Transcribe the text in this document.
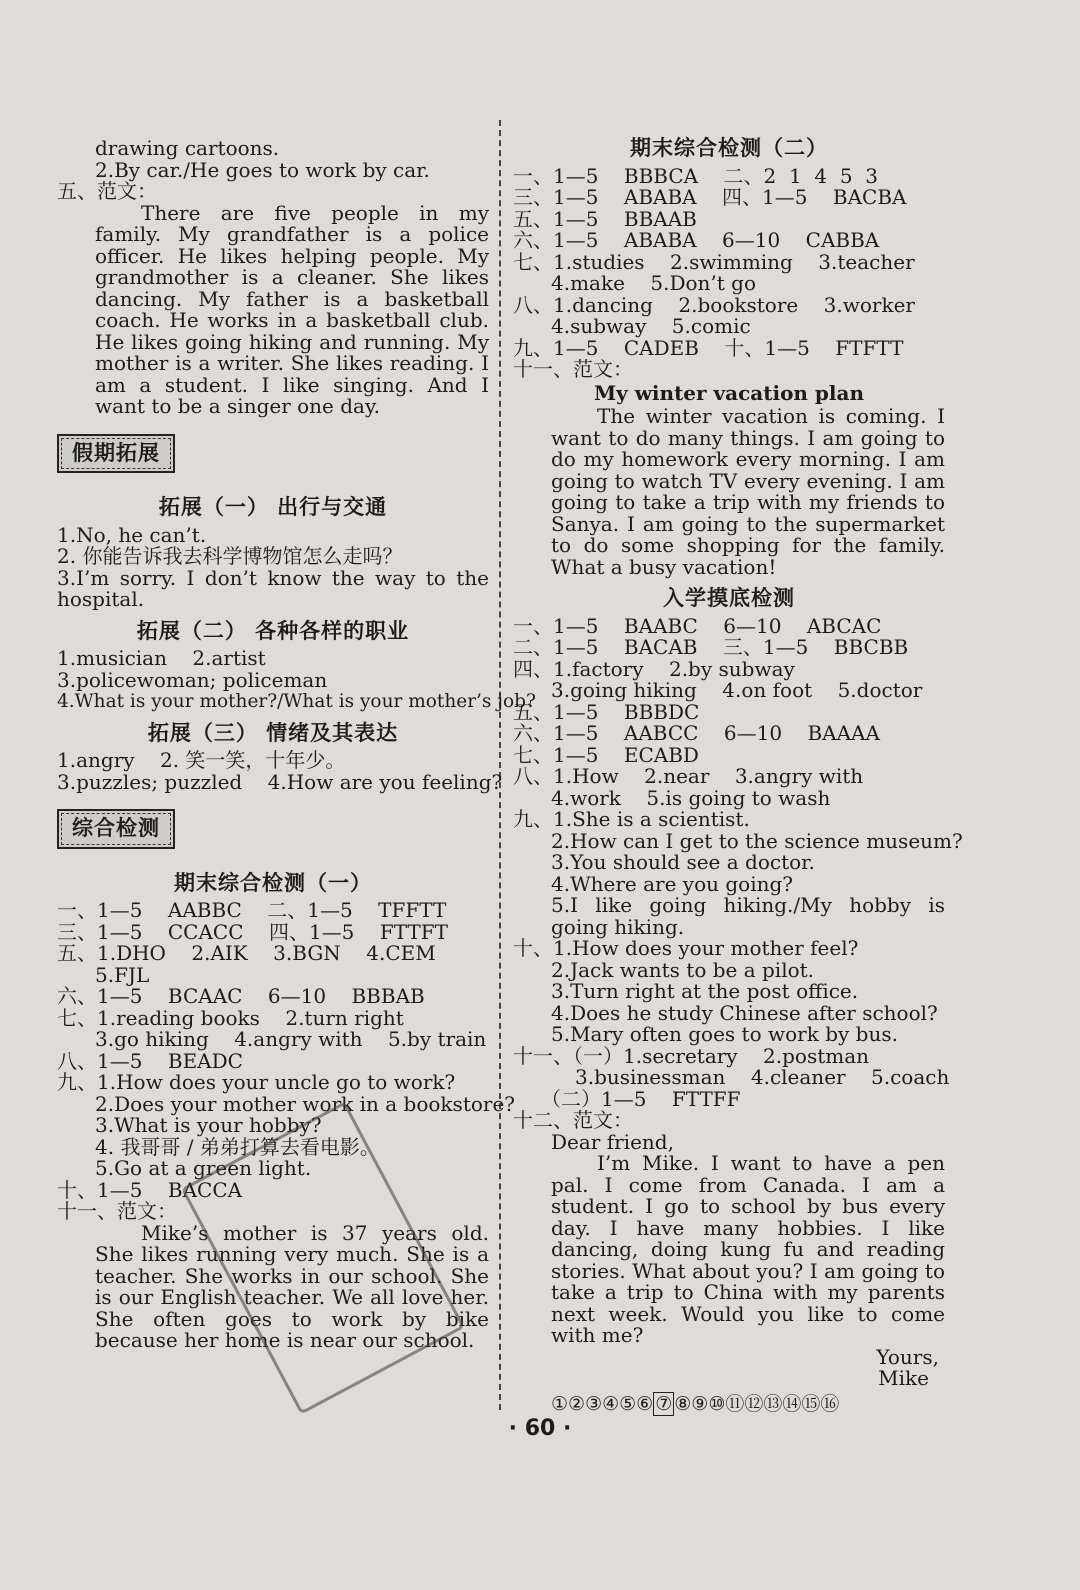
drawing cartoons.
2.By car./He goes to work by car.
五、范文：
There are five people in my family. My grandfather is a police officer. He likes helping people. My grandmother is a cleaner. She likes dancing. My father is a basketball coach. He works in a basketball club. He likes going hiking and running. My mother is a writer. She likes reading. I am a student. I like singing. And I want to be a singer one day.
假期拓展
拓展（一） 出行与交通
1.No, he can’t.
2. 你能告诉我去科学博物馆怎么走吗？
3.I’m sorry. I don’t know the way to the hospital.
拓展（二） 各种各样的职业
1.musician    2.artist
3.policewoman; policeman
4.What is your mother?/What is your mother’s job?
拓展（三） 情绪及其表达
1.angry    2. 笑一笑，十年少。
3.puzzles; puzzled    4.How are you feeling?
综合检测
期末综合检测（一）
一、1—5    AABBC    二、1—5    TFFTT
三、1—5    CCACC    四、1—5    FTTFT
五、1.DHO    2.AIK    3.BGN    4.CEM
5.FJL
六、1—5    BCAAC    6—10    BBBAB
七、1.reading books    2.turn right
3.go hiking    4.angry with    5.by train
八、1—5    BEADC
九、1.How does your uncle go to work?
2.Does your mother work in a bookstore?
3.What is your hobby?
4. 我哥哥 / 弟弟打算去看电影。
5.Go at a green light.
十、1—5    BACCA
十一、范文：
Mike’s mother is 37 years old. She likes running very much. She is a teacher. She works in our school. She is our English teacher. We all love her. She often goes to work by bike because her home is near our school.
期末综合检测（二）
一、1—5    BBBCA    二、2  1  4  5  3
三、1—5    ABABA    四、1—5    BACBA
五、1—5    BBAAB
六、1—5    ABABA    6—10    CABBA
七、1.studies    2.swimming    3.teacher
4.make    5.Don’t go
八、1.dancing    2.bookstore    3.worker
4.subway    5.comic
九、1—5    CADEB    十、1—5    FTFTT
十一、范文：
My winter vacation plan
The winter vacation is coming. I want to do many things. I am going to do my homework every morning. I am going to watch TV every evening. I am going to take a trip with my friends to Sanya. I am going to the supermarket to do some shopping for the family. What a busy vacation!
入学摸底检测
一、1—5    BAABC    6—10    ABCAC
二、1—5    BACAB    三、1—5    BBCBB
四、1.factory    2.by subway
3.going hiking    4.on foot    5.doctor
五、1—5    BBBDC
六、1—5    AABCC    6—10    BAAAA
七、1—5    ECABD
八、1.How    2.near    3.angry with
4.work    5.is going to wash
九、1.She is a scientist.
2.How can I get to the science museum?
3.You should see a doctor.
4.Where are you going?
5.I like going hiking./My hobby is going hiking.
十、1.How does your mother feel?
2.Jack wants to be a pilot.
3.Turn right at the post office.
4.Does he study Chinese after school?
5.Mary often goes to work by bus.
十一、（一）1.secretary    2.postman
3.businessman    4.cleaner    5.coach
（二）1—5    FTTFF
十二、范文：
Dear friend,
I’m Mike. I want to have a pen pal. I come from Canada. I am a student. I go to school by bus every day. I have many hobbies. I like dancing, doing kung fu and reading stories. What about you? I am going to take a trip to China with my parents next week. Would you like to come with me?
Yours,
Mike
①②③④⑤⑥ ⑦ ⑧⑨⑩⑪⑫⑬⑭⑮⑯
· 60 ·
